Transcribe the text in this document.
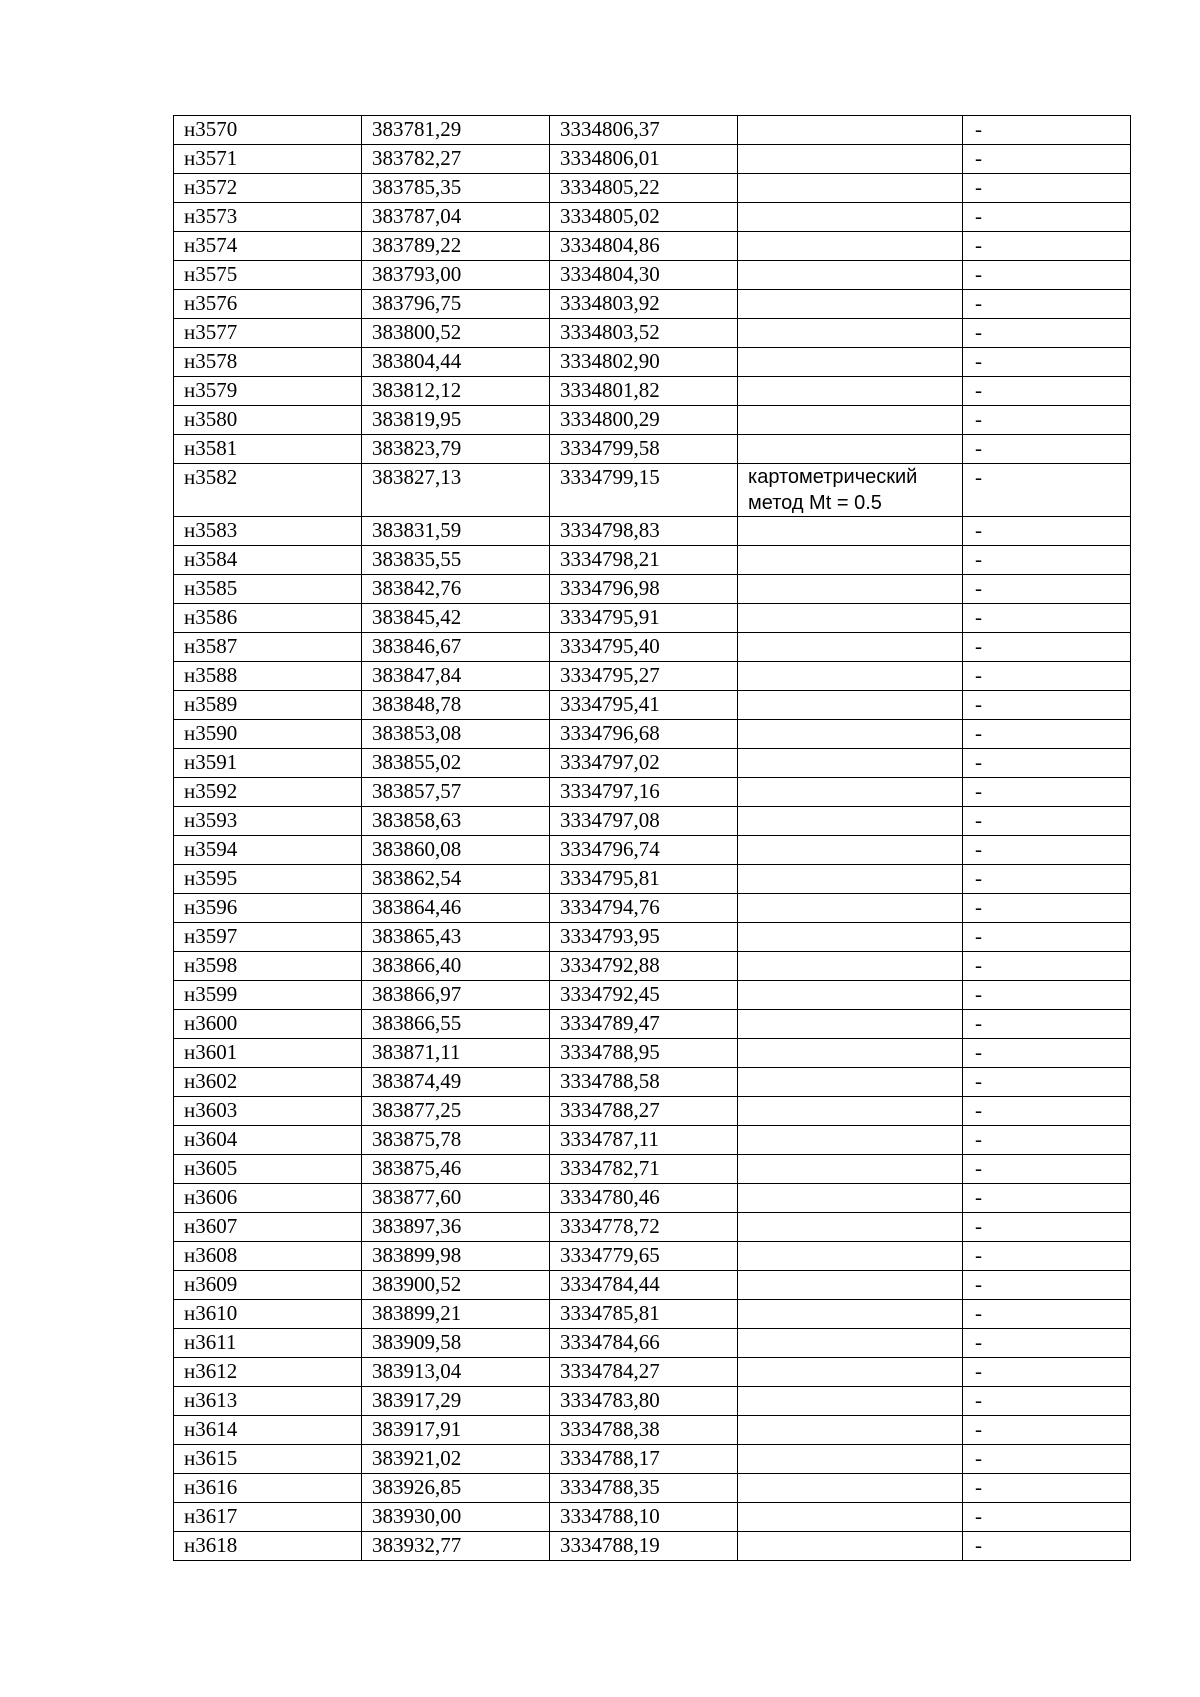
н3570	383781,29	3334806,37		-
н3571	383782,27	3334806,01		-
н3572	383785,35	3334805,22		-
н3573	383787,04	3334805,02		-
н3574	383789,22	3334804,86		-
н3575	383793,00	3334804,30		-
н3576	383796,75	3334803,92		-
н3577	383800,52	3334803,52		-
н3578	383804,44	3334802,90		-
н3579	383812,12	3334801,82		-
н3580	383819,95	3334800,29		-
н3581	383823,79	3334799,58		-
н3582	383827,13	3334799,15	картометрический метод Mt = 0.5	-
н3583	383831,59	3334798,83		-
н3584	383835,55	3334798,21		-
н3585	383842,76	3334796,98		-
н3586	383845,42	3334795,91		-
н3587	383846,67	3334795,40		-
н3588	383847,84	3334795,27		-
н3589	383848,78	3334795,41		-
н3590	383853,08	3334796,68		-
н3591	383855,02	3334797,02		-
н3592	383857,57	3334797,16		-
н3593	383858,63	3334797,08		-
н3594	383860,08	3334796,74		-
н3595	383862,54	3334795,81		-
н3596	383864,46	3334794,76		-
н3597	383865,43	3334793,95		-
н3598	383866,40	3334792,88		-
н3599	383866,97	3334792,45		-
н3600	383866,55	3334789,47		-
н3601	383871,11	3334788,95		-
н3602	383874,49	3334788,58		-
н3603	383877,25	3334788,27		-
н3604	383875,78	3334787,11		-
н3605	383875,46	3334782,71		-
н3606	383877,60	3334780,46		-
н3607	383897,36	3334778,72		-
н3608	383899,98	3334779,65		-
н3609	383900,52	3334784,44		-
н3610	383899,21	3334785,81		-
н3611	383909,58	3334784,66		-
н3612	383913,04	3334784,27		-
н3613	383917,29	3334783,80		-
н3614	383917,91	3334788,38		-
н3615	383921,02	3334788,17		-
н3616	383926,85	3334788,35		-
н3617	383930,00	3334788,10		-
н3618	383932,77	3334788,19		-
